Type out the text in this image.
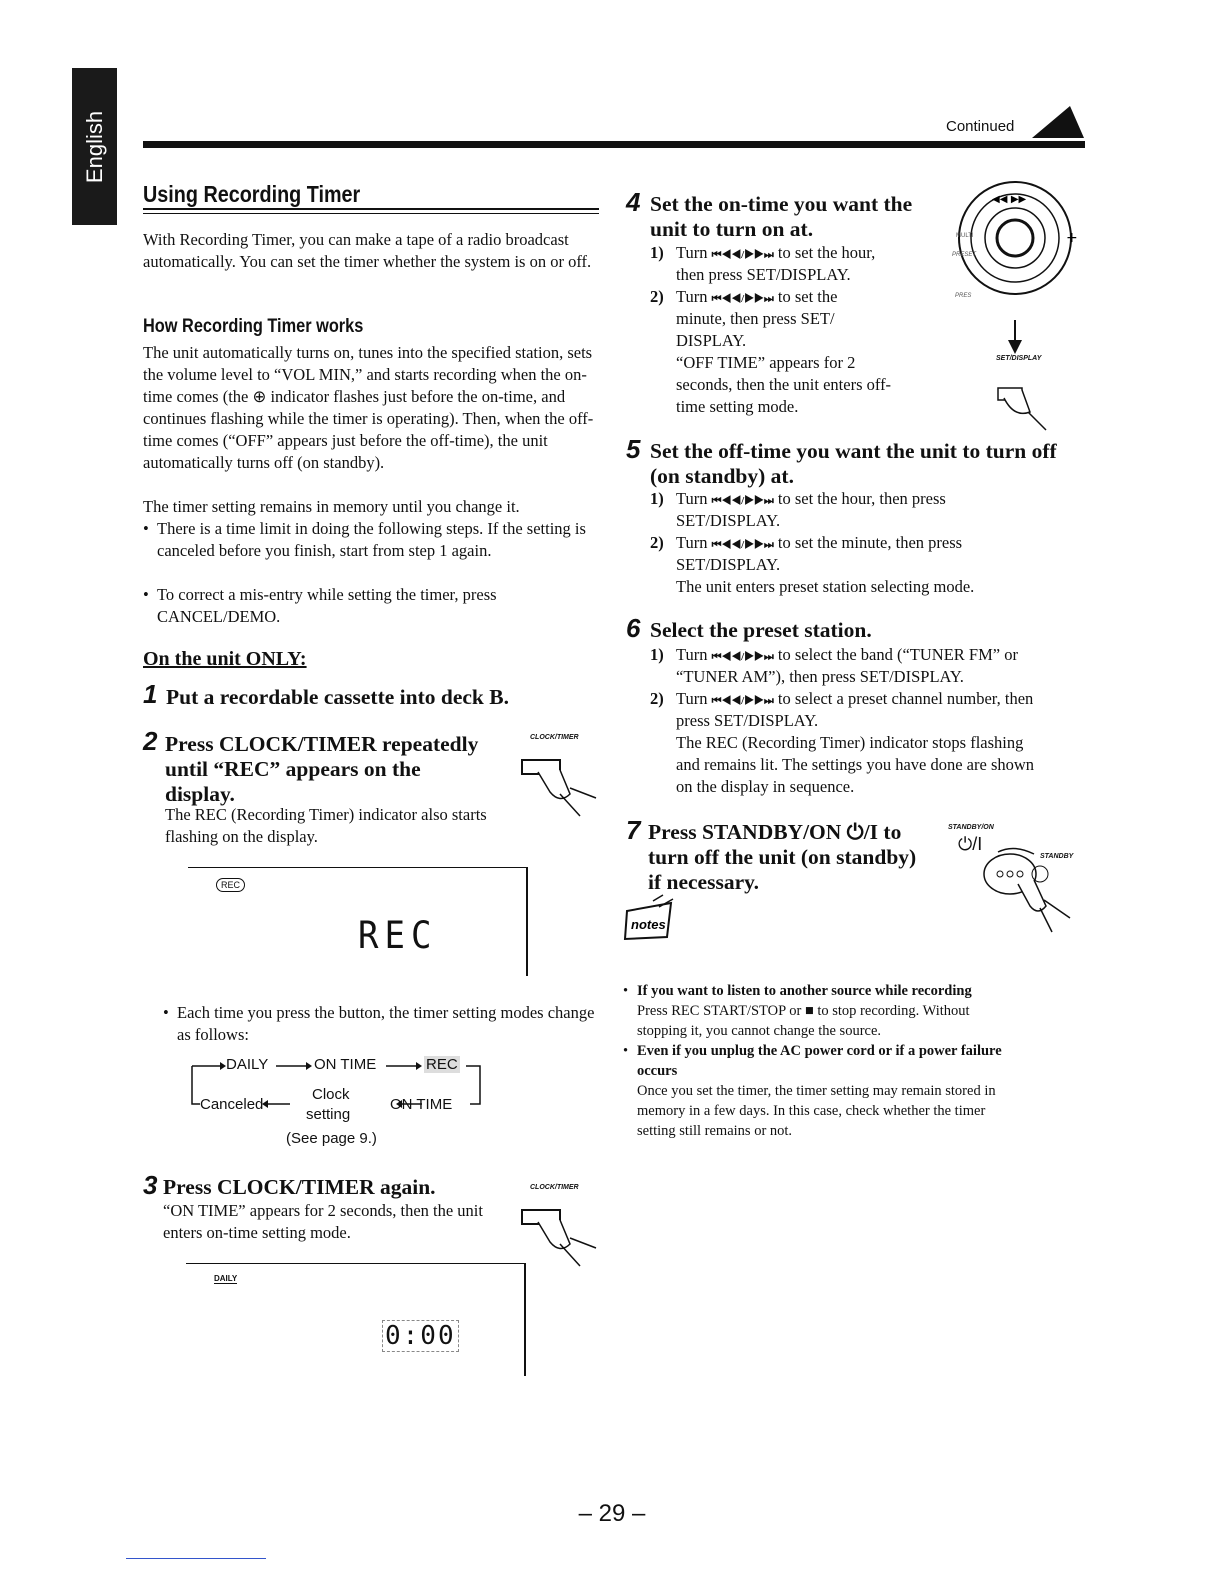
English	Continued
Using Recording Timer
With Recording Timer, you can make a tape of a radio broadcast automatically. You can set the timer whether the system is on or off.
How Recording Timer works
The unit automatically turns on, tunes into the specified station, sets the volume level to “VOL MIN,” and starts recording when the on-time comes (the ⊕ indicator flashes just before the on-time, and continues flashing while the timer is operating). Then, when the off-time comes (“OFF” appears just before the off-time), the unit automatically turns off (on standby).
The timer setting remains in memory until you change it.
• There is a time limit in doing the following steps. If the setting is canceled before you finish, start from step 1 again.
• To correct a mis-entry while setting the timer, press CANCEL/DEMO.
On the unit ONLY:
1 Put a recordable cassette into deck B.
2 Press CLOCK/TIMER repeatedly
until “REC” appears on the
display.
The REC (Recording Timer) indicator also starts flashing on the display.
CLOCK/TIMER
REC
REC
• Each time you press the button, the timer setting modes change as follows:
DAILY	ON TIME	REC
Canceled
Clock
setting
ON TIME
(See page 9.)
3 Press CLOCK/TIMER again.
“ON TIME” appears for 2 seconds, then the unit enters on-time setting mode.
CLOCK/TIMER
DAILY
0:00
4 Set the on-time you want the
unit to turn on at.
1) Turn ⏮◀◀/▶▶⏭ to set the hour,
then press SET/DISPLAY.
2) Turn ⏮◀◀/▶▶⏭ to set the
minute, then press SET/
DISPLAY.
“OFF TIME” appears for 2
seconds, then the unit enters off-
time setting mode.
◀◀ ▶▶
+
MULTI
PRESET
PRES
SET/DISPLAY
5 Set the off-time you want the unit to turn off
(on standby) at.
1) Turn ⏮◀◀/▶▶⏭ to set the hour, then press
SET/DISPLAY.
2) Turn ⏮◀◀/▶▶⏭ to set the minute, then press
SET/DISPLAY.
The unit enters preset station selecting mode.
6 Select the preset station.
1) Turn ⏮◀◀/▶▶⏭ to select the band (“TUNER FM” or
“TUNER AM”), then press SET/DISPLAY.
2) Turn ⏮◀◀/▶▶⏭ to select a preset channel number, then
press SET/DISPLAY.
The REC (Recording Timer) indicator stops flashing
and remains lit. The settings you have done are shown
on the display in sequence.
7 Press STANDBY/ON ⏻/I to
turn off the unit (on standby)
if necessary.
STANDBY/ON
⏻/I
STANDBY
notes
• If you want to listen to another source while recording
Press REC START/STOP or ■ to stop recording. Without
stopping it, you cannot change the source.
• Even if you unplug the AC power cord or if a power failure
occurs
Once you set the timer, the timer setting may remain stored in
memory in a few days. In this case, check whether the timer
setting still remains or not.
– 29 –
